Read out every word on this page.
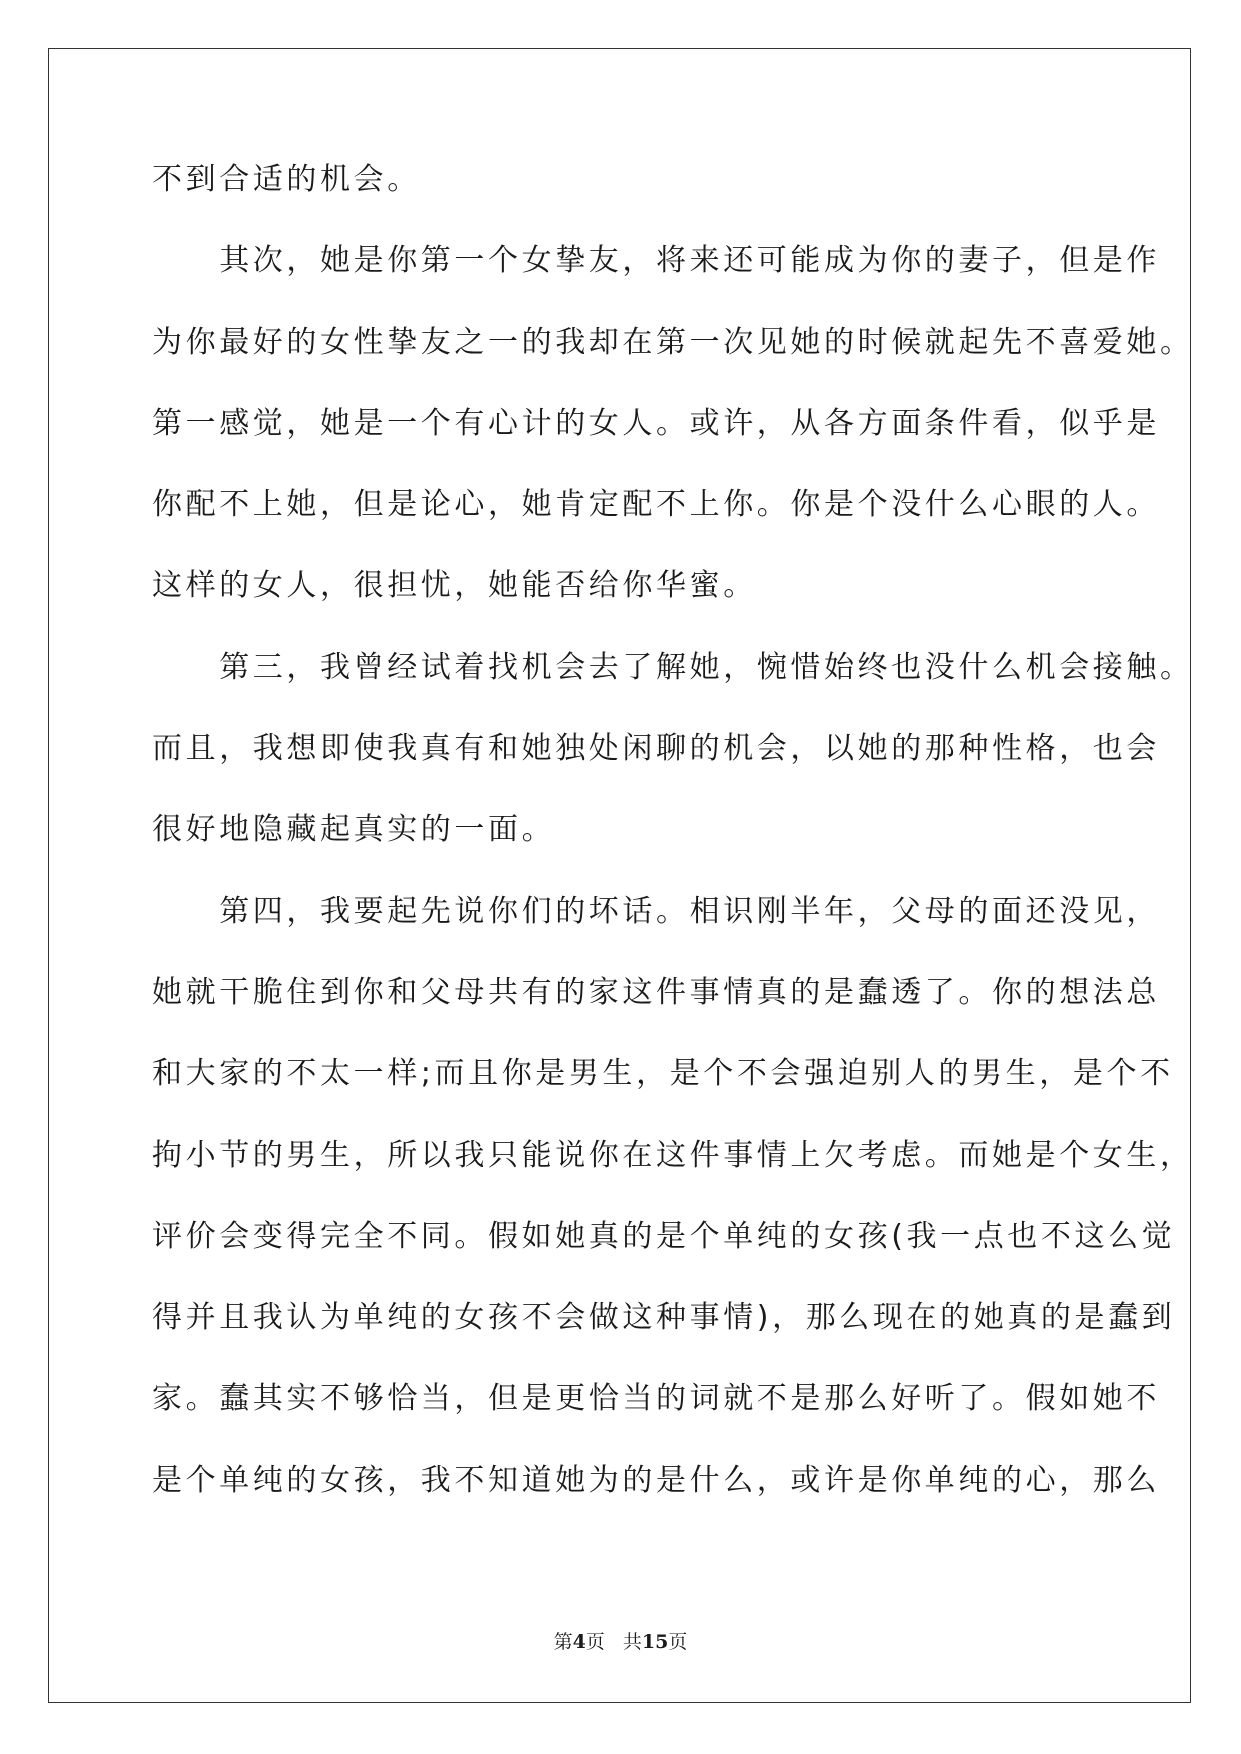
不到合适的机会。
　　其次，她是你第一个女挚友，将来还可能成为你的妻子，但是作
为你最好的女性挚友之一的我却在第一次见她的时候就起先不喜爱她。
第一感觉，她是一个有心计的女人。或许，从各方面条件看，似乎是
你配不上她，但是论心，她肯定配不上你。你是个没什么心眼的人。
这样的女人，很担忧，她能否给你华蜜。
　　第三，我曾经试着找机会去了解她，惋惜始终也没什么机会接触。
而且，我想即使我真有和她独处闲聊的机会，以她的那种性格，也会
很好地隐藏起真实的一面。
　　第四，我要起先说你们的坏话。相识刚半年，父母的面还没见，
她就干脆住到你和父母共有的家这件事情真的是蠢透了。你的想法总
和大家的不太一样;而且你是男生，是个不会强迫别人的男生，是个不
拘小节的男生，所以我只能说你在这件事情上欠考虑。而她是个女生，
评价会变得完全不同。假如她真的是个单纯的女孩(我一点也不这么觉
得并且我认为单纯的女孩不会做这种事情)，那么现在的她真的是蠢到
家。蠢其实不够恰当，但是更恰当的词就不是那么好听了。假如她不
是个单纯的女孩，我不知道她为的是什么，或许是你单纯的心，那么
第4页 共15页
